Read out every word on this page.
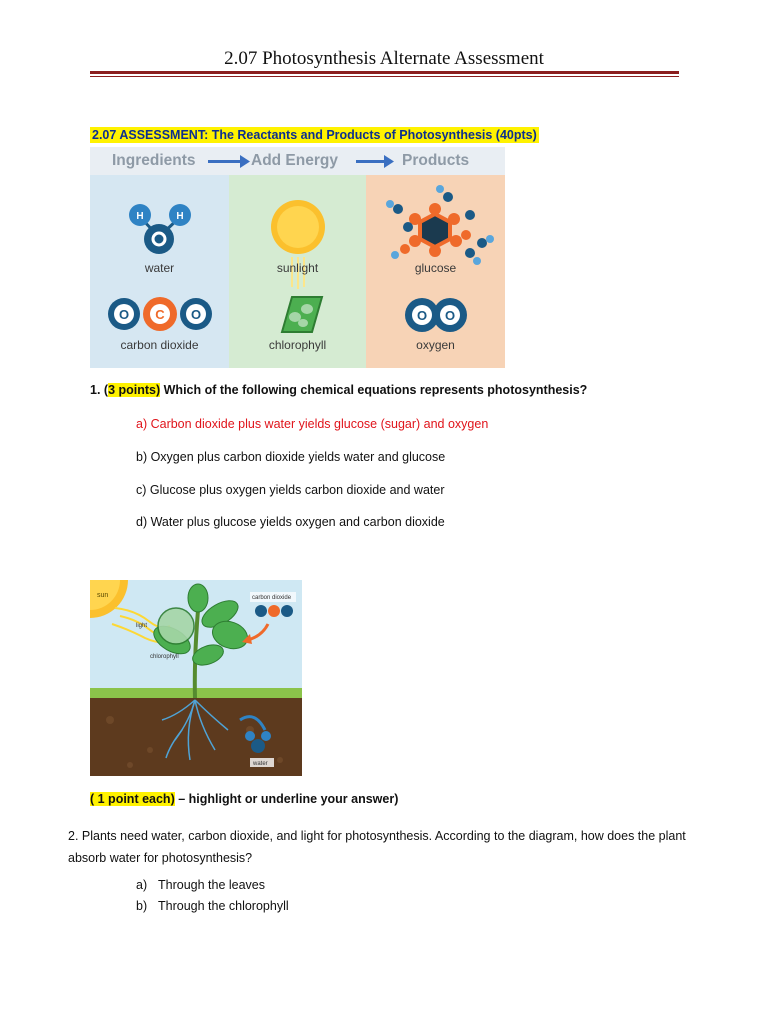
2.07 Photosynthesis Alternate Assessment
2.07 ASSESSMENT: The Reactants and Products of Photosynthesis (40pts)
Ingredients	Add Energy	Products
H	H
O C O	O O
water
carbon dioxide
sunlight
chlorophyll
glucose
oxygen
1. (3 points) Which of the following chemical equations represents photosynthesis?
a) Carbon dioxide plus water yields glucose (sugar) and oxygen
b) Oxygen plus carbon dioxide yields water and glucose
c) Glucose plus oxygen yields carbon dioxide and water
d) Water plus glucose yields oxygen and carbon dioxide
sun
light
chlorophyll
carbon dioxide
water
( 1 point each) – highlight or underline your answer)
2. Plants need water, carbon dioxide, and light for photosynthesis. According to the diagram, how does the plant absorb water for photosynthesis?
a) Through the leaves
b) Through the chlorophyll
